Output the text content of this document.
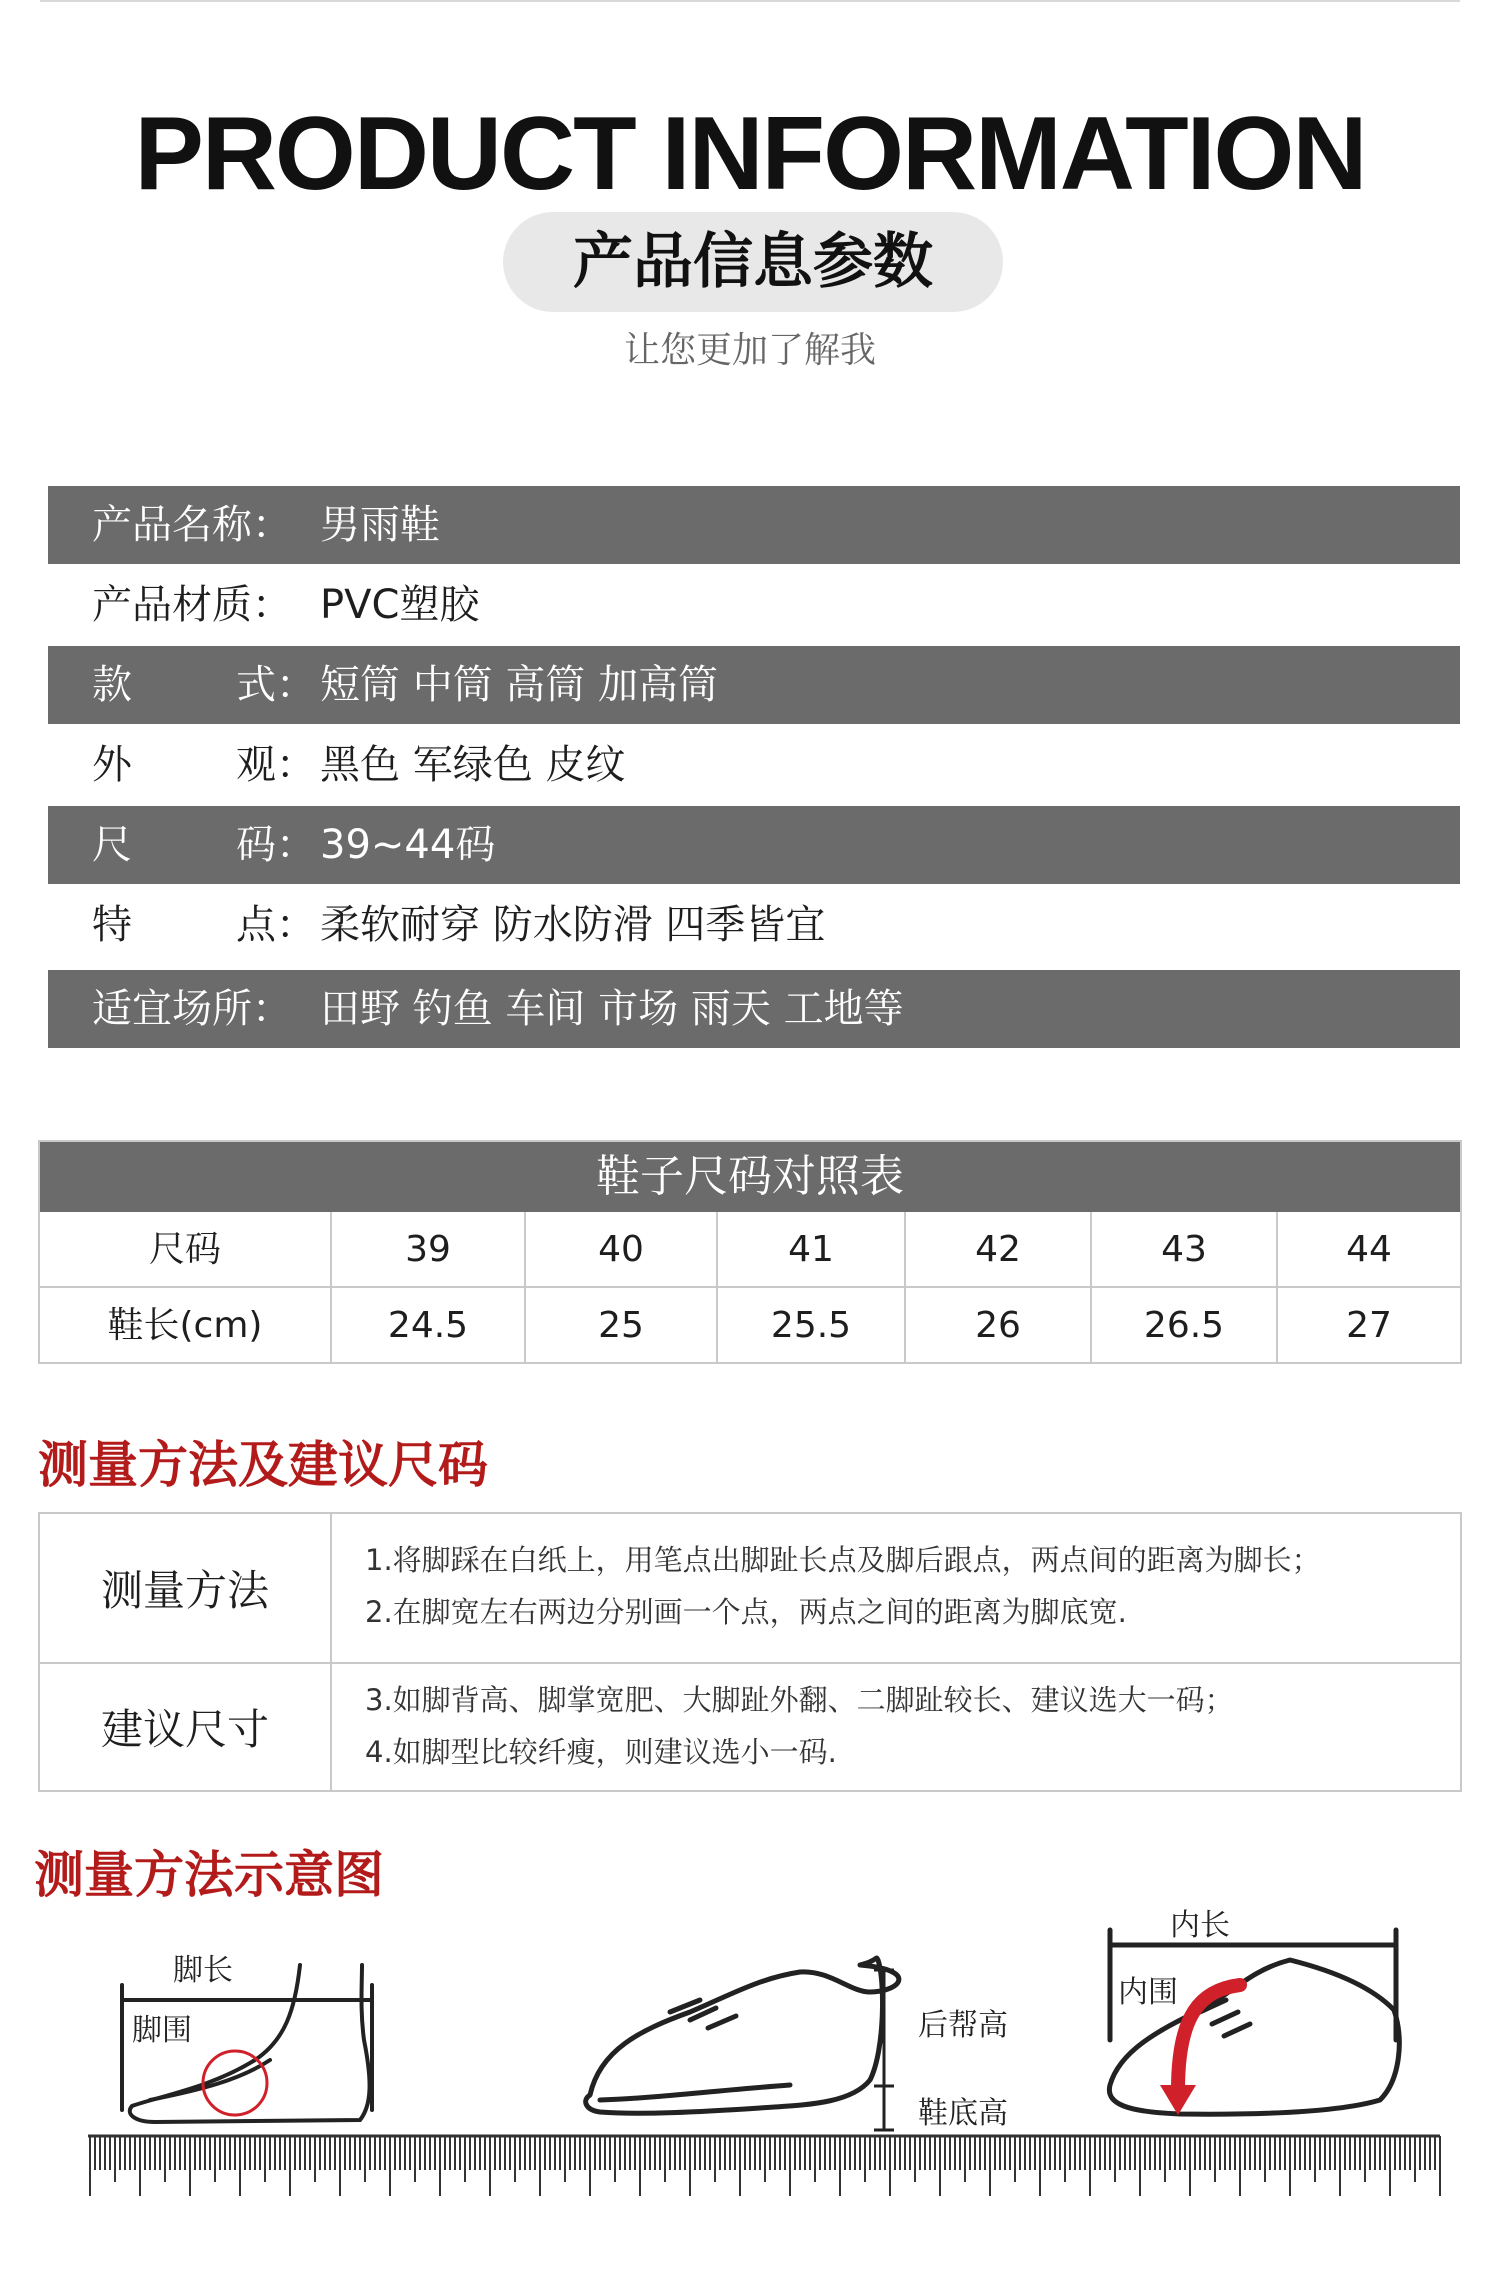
PRODUCT INFORMATION
产品信息参数
让您更加了解我
产品名称： 男雨鞋
产品材质： PVC塑胶
款	式： 短筒 中筒 高筒 加高筒
外	观： 黑色 军绿色 皮纹
尺	码： 39~44码
特	点： 柔软耐穿 防水防滑 四季皆宜
适宜场所： 田野 钓鱼 车间 市场 雨天 工地等
鞋子尺码对照表
尺码	39	40	41	42	43	44
鞋长(cm)	24.5	25	25.5	26	26.5	27
测量方法及建议尺码
测量方法
1.将脚踩在白纸上，用笔点出脚趾长点及脚后跟点，两点间的距离为脚长；
2.在脚宽左右两边分别画一个点，两点之间的距离为脚底宽.
建议尺寸
3.如脚背高、脚掌宽肥、大脚趾外翻、二脚趾较长、建议选大一码；
4.如脚型比较纤瘦，则建议选小一码.
测量方法示意图
脚长
脚围	后帮高
鞋底高
内长
内围
